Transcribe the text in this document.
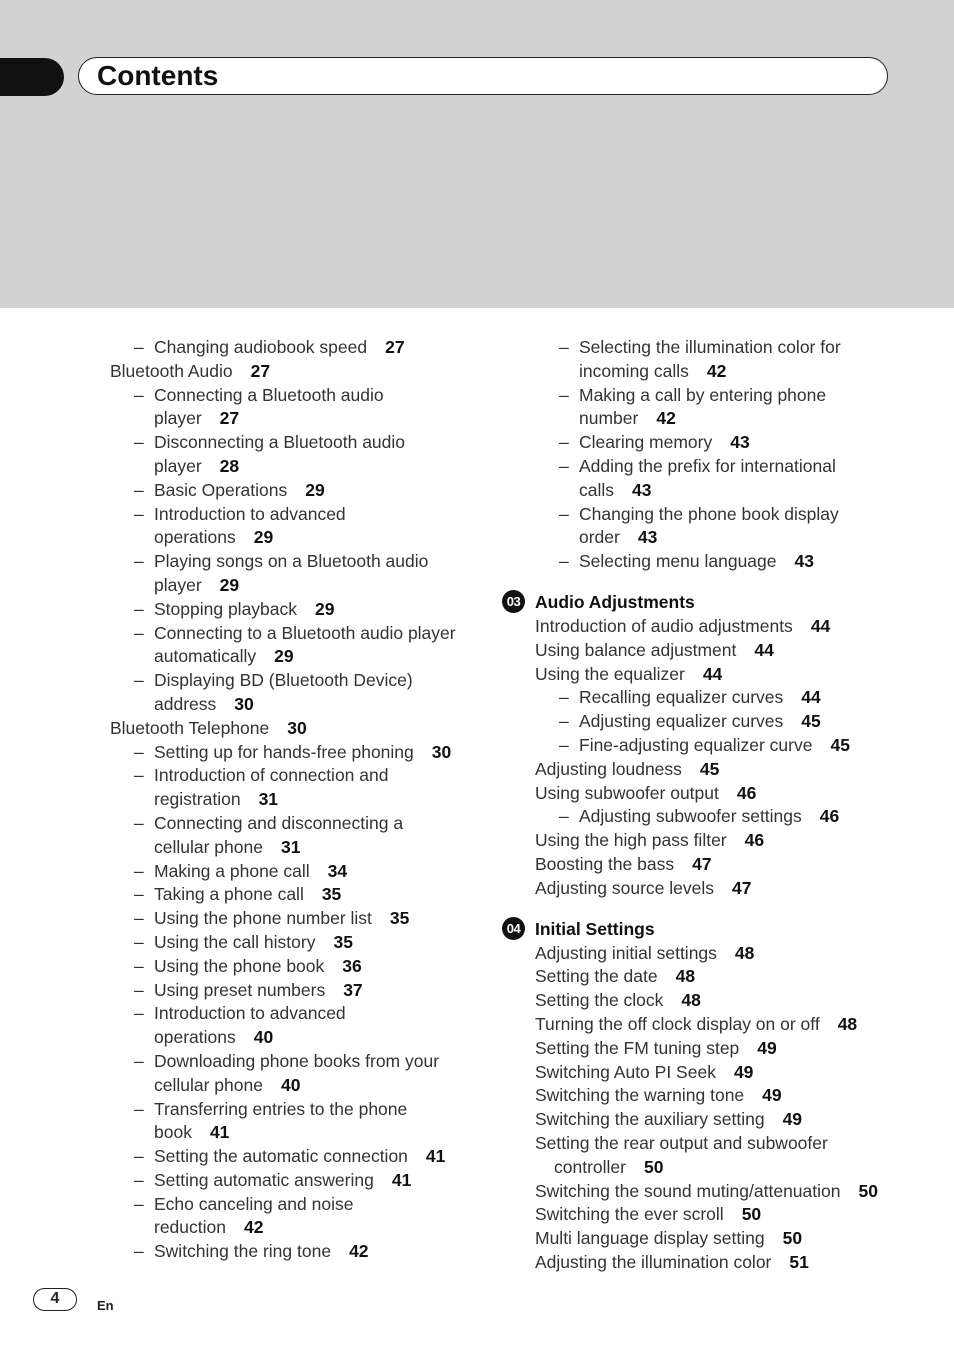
Contents
– Changing audiobook speed 27
Bluetooth Audio 27
– Connecting a Bluetooth audio
player 27
– Disconnecting a Bluetooth audio
player 28
– Basic Operations 29
– Introduction to advanced
operations 29
– Playing songs on a Bluetooth audio
player 29
– Stopping playback 29
– Connecting to a Bluetooth audio player
automatically 29
– Displaying BD (Bluetooth Device)
address 30
Bluetooth Telephone 30
– Setting up for hands-free phoning 30
– Introduction of connection and
registration 31
– Connecting and disconnecting a
cellular phone 31
– Making a phone call 34
– Taking a phone call 35
– Using the phone number list 35
– Using the call history 35
– Using the phone book 36
– Using preset numbers 37
– Introduction to advanced
operations 40
– Downloading phone books from your
cellular phone 40
– Transferring entries to the phone
book 41
– Setting the automatic connection 41
– Setting automatic answering 41
– Echo canceling and noise
reduction 42
– Switching the ring tone 42
– Selecting the illumination color for
incoming calls 42
– Making a call by entering phone
number 42
– Clearing memory 43
– Adding the prefix for international
calls 43
– Changing the phone book display
order 43
– Selecting menu language 43
03 Audio Adjustments
Introduction of audio adjustments 44
Using balance adjustment 44
Using the equalizer 44
– Recalling equalizer curves 44
– Adjusting equalizer curves 45
– Fine-adjusting equalizer curve 45
Adjusting loudness 45
Using subwoofer output 46
– Adjusting subwoofer settings 46
Using the high pass filter 46
Boosting the bass 47
Adjusting source levels 47
04 Initial Settings
Adjusting initial settings 48
Setting the date 48
Setting the clock 48
Turning the off clock display on or off 48
Setting the FM tuning step 49
Switching Auto PI Seek 49
Switching the warning tone 49
Switching the auxiliary setting 49
Setting the rear output and subwoofer
controller 50
Switching the sound muting/attenuation 50
Switching the ever scroll 50
Multi language display setting 50
Adjusting the illumination color 51
4	En
